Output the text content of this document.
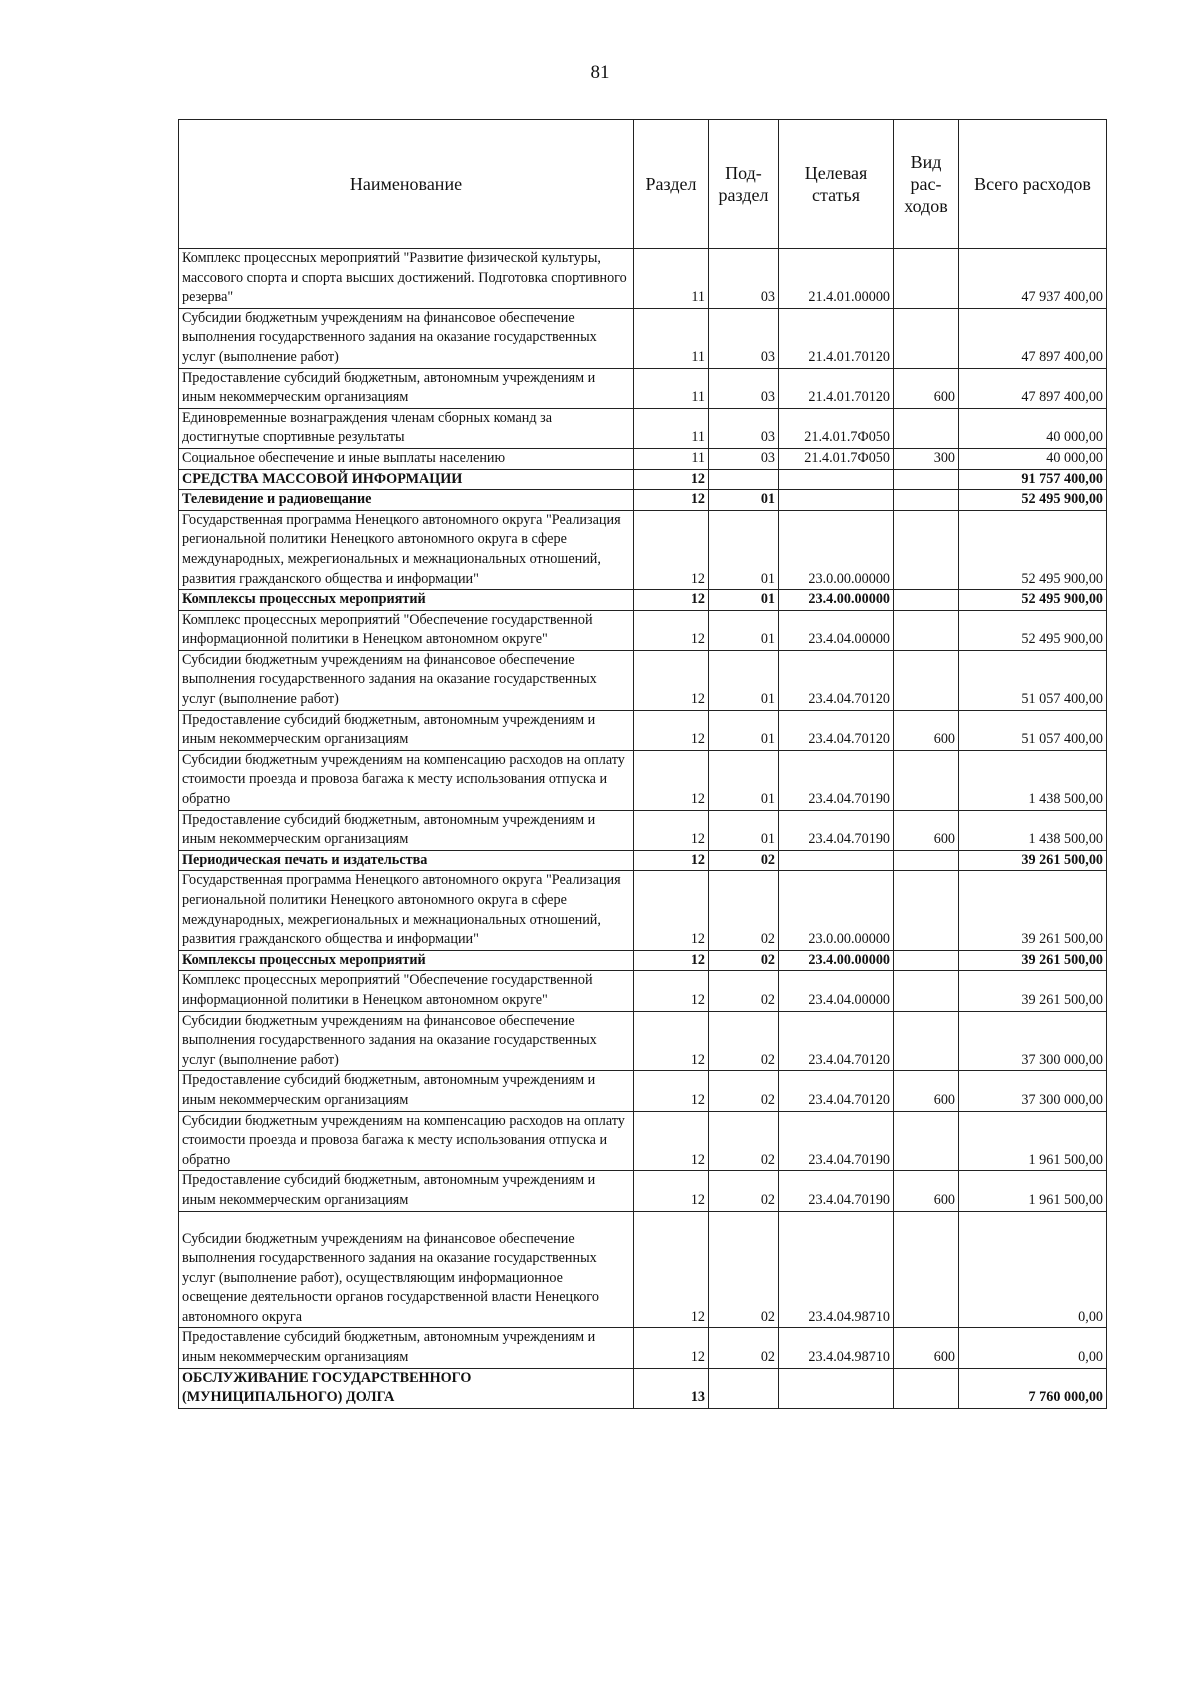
81
Наименование	Раздел	Под-раздел	Целевая статья	Вид рас-ходов	Всего расходов
Комплекс процессных мероприятий "Развитие физической культуры, массового спорта и спорта высших достижений. Подготовка спортивного резерва"	11	03	21.4.01.00000		47 937 400,00
Субсидии бюджетным учреждениям на финансовое обеспечение выполнения государственного задания на оказание государственных услуг (выполнение работ)	11	03	21.4.01.70120		47 897 400,00
Предоставление субсидий бюджетным, автономным учреждениям и иным некоммерческим организациям	11	03	21.4.01.70120	600	47 897 400,00
Единовременные вознаграждения членам сборных команд за достигнутые спортивные результаты	11	03	21.4.01.7Ф050		40 000,00
Социальное обеспечение и иные выплаты населению	11	03	21.4.01.7Ф050	300	40 000,00
СРЕДСТВА МАССОВОЙ ИНФОРМАЦИИ	12				91 757 400,00
Телевидение и радиовещание	12	01			52 495 900,00
Государственная программа Ненецкого автономного округа "Реализация региональной политики Ненецкого автономного округа в сфере международных, межрегиональных и межнациональных отношений, развития гражданского общества и информации"	12	01	23.0.00.00000		52 495 900,00
Комплексы процессных мероприятий	12	01	23.4.00.00000		52 495 900,00
Комплекс процессных мероприятий "Обеспечение государственной информационной политики в Ненецком автономном округе"	12	01	23.4.04.00000		52 495 900,00
Субсидии бюджетным учреждениям на финансовое обеспечение выполнения государственного задания на оказание государственных услуг (выполнение работ)	12	01	23.4.04.70120		51 057 400,00
Предоставление субсидий бюджетным, автономным учреждениям и иным некоммерческим организациям	12	01	23.4.04.70120	600	51 057 400,00
Субсидии бюджетным учреждениям на компенсацию расходов на оплату стоимости проезда и провоза багажа к месту использования отпуска и обратно	12	01	23.4.04.70190		1 438 500,00
Предоставление субсидий бюджетным, автономным учреждениям и иным некоммерческим организациям	12	01	23.4.04.70190	600	1 438 500,00
Периодическая печать и издательства	12	02			39 261 500,00
Государственная программа Ненецкого автономного округа "Реализация региональной политики Ненецкого автономного округа в сфере международных, межрегиональных и межнациональных отношений, развития гражданского общества и информации"	12	02	23.0.00.00000		39 261 500,00
Комплексы процессных мероприятий	12	02	23.4.00.00000		39 261 500,00
Комплекс процессных мероприятий "Обеспечение государственной информационной политики в Ненецком автономном округе"	12	02	23.4.04.00000		39 261 500,00
Субсидии бюджетным учреждениям на финансовое обеспечение выполнения государственного задания на оказание государственных услуг (выполнение работ)	12	02	23.4.04.70120		37 300 000,00
Предоставление субсидий бюджетным, автономным учреждениям и иным некоммерческим организациям	12	02	23.4.04.70120	600	37 300 000,00
Субсидии бюджетным учреждениям на компенсацию расходов на оплату стоимости проезда и провоза багажа к месту использования отпуска и обратно	12	02	23.4.04.70190		1 961 500,00
Предоставление субсидий бюджетным, автономным учреждениям и иным некоммерческим организациям	12	02	23.4.04.70190	600	1 961 500,00
Субсидии бюджетным учреждениям на финансовое обеспечение выполнения государственного задания на оказание государственных услуг (выполнение работ), осуществляющим информационное освещение деятельности органов государственной власти Ненецкого автономного округа	12	02	23.4.04.98710		0,00
Предоставление субсидий бюджетным, автономным учреждениям и иным некоммерческим организациям	12	02	23.4.04.98710	600	0,00
ОБСЛУЖИВАНИЕ ГОСУДАРСТВЕННОГО (МУНИЦИПАЛЬНОГО) ДОЛГА	13				7 760 000,00
